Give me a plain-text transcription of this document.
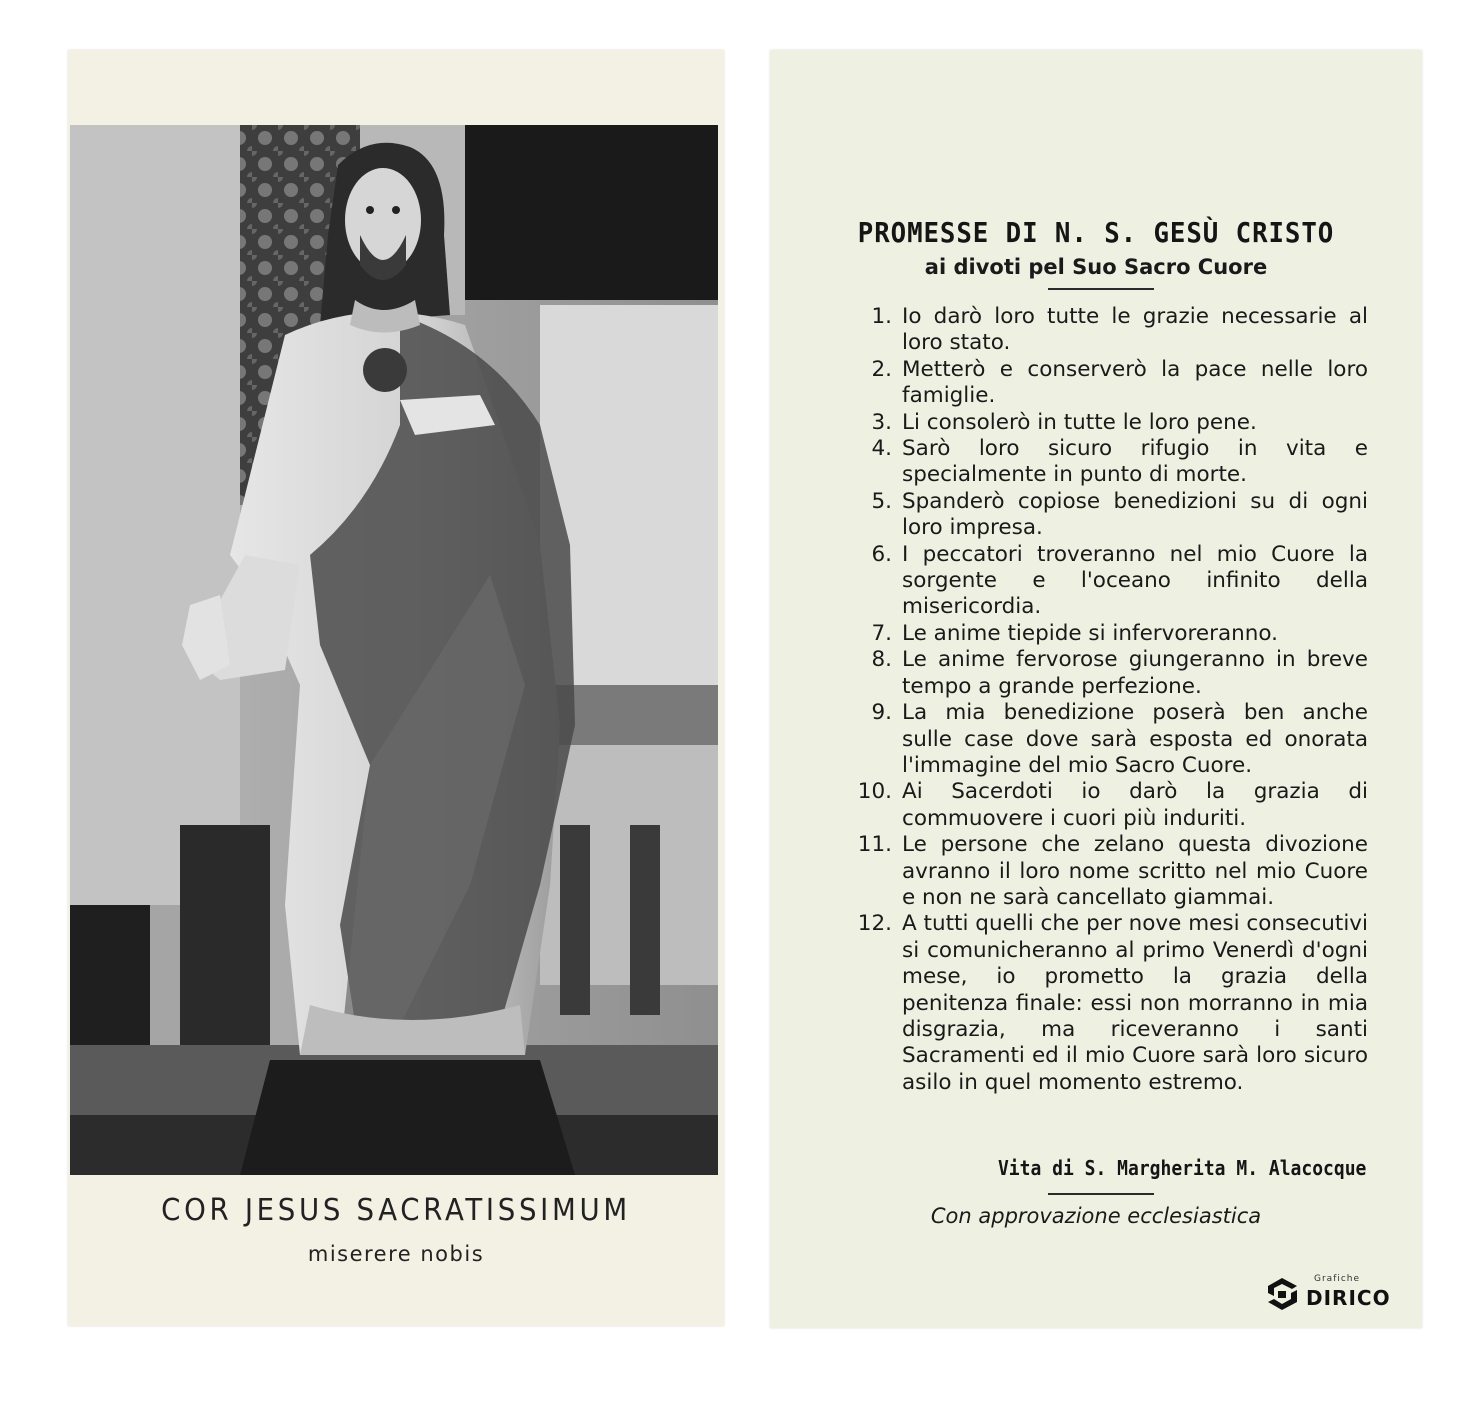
COR JESUS SACRATISSIMUM
miserere nobis
PROMESSE DI N. S. GESÙ CRISTO
ai divoti pel Suo Sacro Cuore
1. Io darò loro tutte le grazie necessarie al loro stato.
2. Metterò e conserverò la pace nelle loro famiglie.
3. Li consolerò in tutte le loro pene.
4. Sarò loro sicuro rifugio in vita e specialmente in punto di morte.
5. Spanderò copiose benedizioni su di ogni loro impresa.
6. I peccatori troveranno nel mio Cuore la sorgente e l'oceano infinito della misericordia.
7. Le anime tiepide si infervoreranno.
8. Le anime fervorose giungeranno in breve tempo a grande perfezione.
9. La mia benedizione poserà ben anche sulle case dove sarà esposta ed onorata l'immagine del mio Sacro Cuore.
10. Ai Sacerdoti io darò la grazia di commuovere i cuori più induriti.
11. Le persone che zelano questa divozione avranno il loro nome scritto nel mio Cuore e non ne sarà cancellato giammai.
12. A tutti quelli che per nove mesi consecutivi si comunicheranno al primo Venerdì d'ogni mese, io prometto la grazia della penitenza finale: essi non morranno in mia disgrazia, ma riceveranno i santi Sacramenti ed il mio Cuore sarà loro sicuro asilo in quel momento estremo.
Vita di S. Margherita M. Alacocque
Con approvazione ecclesiastica
Grafiche
DIRICO
